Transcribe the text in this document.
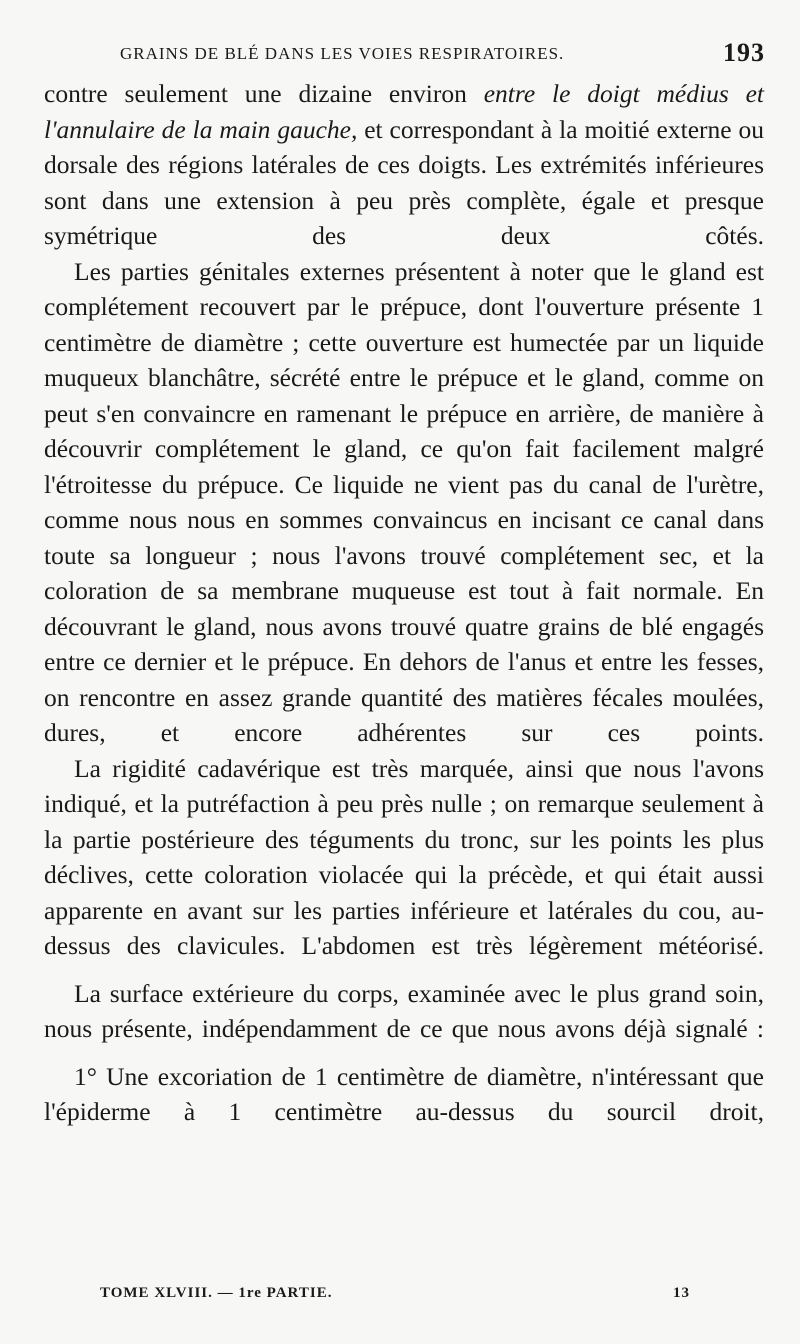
GRAINS DE BLÉ DANS LES VOIES RESPIRATOIRES.	193

contre seulement une dizaine environ entre le doigt médius et l'annulaire de la main gauche, et correspondant à la moitié externe ou dorsale des régions latérales de ces doigts. Les extrémités inférieures sont dans une extension à peu près complète, égale et presque symétrique des deux côtés.

Les parties génitales externes présentent à noter que le gland est complétement recouvert par le prépuce, dont l'ouverture présente 1 centimètre de diamètre ; cette ouverture est humectée par un liquide muqueux blanchâtre, sécrété entre le prépuce et le gland, comme on peut s'en convaincre en ramenant le prépuce en arrière, de manière à découvrir complétement le gland, ce qu'on fait facilement malgré l'étroitesse du prépuce. Ce liquide ne vient pas du canal de l'urètre, comme nous nous en sommes convaincus en incisant ce canal dans toute sa longueur ; nous l'avons trouvé complétement sec, et la coloration de sa membrane muqueuse est tout à fait normale. En découvrant le gland, nous avons trouvé quatre grains de blé engagés entre ce dernier et le prépuce. En dehors de l'anus et entre les fesses, on rencontre en assez grande quantité des matières fécales moulées, dures, et encore adhérentes sur ces points.

La rigidité cadavérique est très marquée, ainsi que nous l'avons indiqué, et la putréfaction à peu près nulle ; on remarque seulement à la partie postérieure des téguments du tronc, sur les points les plus déclives, cette coloration violacée qui la précède, et qui était aussi apparente en avant sur les parties inférieure et latérales du cou, au-dessus des clavicules. L'abdomen est très légèrement météorisé.

La surface extérieure du corps, examinée avec le plus grand soin, nous présente, indépendamment de ce que nous avons déjà signalé :

1° Une excoriation de 1 centimètre de diamètre, n'intéressant que l'épiderme à 1 centimètre au-dessus du sourcil droit,

TOME XLVIII. — 1re PARTIE.	13
